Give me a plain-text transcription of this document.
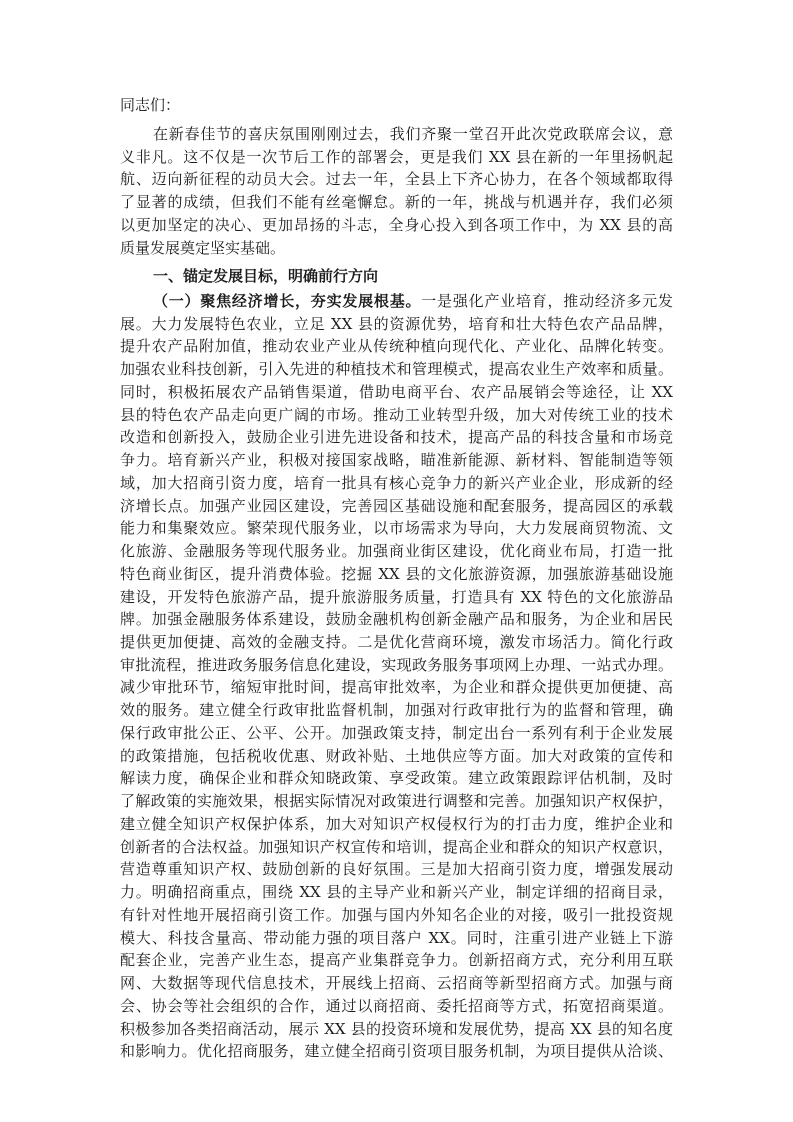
同志们：
在新春佳节的喜庆氛围刚刚过去，我们齐聚一堂召开此次党政联席会议，意
义非凡。这不仅是一次节后工作的部署会，更是我们 XX 县在新的一年里扬帆起
航、迈向新征程的动员大会。过去一年，全县上下齐心协力，在各个领域都取得
了显著的成绩，但我们不能有丝毫懈怠。新的一年，挑战与机遇并存，我们必须
以更加坚定的决心、更加昂扬的斗志，全身心投入到各项工作中，为 XX 县的高
质量发展奠定坚实基础。
一、锚定发展目标，明确前行方向
（一）聚焦经济增长，夯实发展根基。一是强化产业培育，推动经济多元发
展。大力发展特色农业，立足 XX 县的资源优势，培育和壮大特色农产品品牌，
提升农产品附加值，推动农业产业从传统种植向现代化、产业化、品牌化转变。
加强农业科技创新，引入先进的种植技术和管理模式，提高农业生产效率和质量。
同时，积极拓展农产品销售渠道，借助电商平台、农产品展销会等途径，让 XX
县的特色农产品走向更广阔的市场。推动工业转型升级，加大对传统工业的技术
改造和创新投入，鼓励企业引进先进设备和技术，提高产品的科技含量和市场竞
争力。培育新兴产业，积极对接国家战略，瞄准新能源、新材料、智能制造等领
域，加大招商引资力度，培育一批具有核心竞争力的新兴产业企业，形成新的经
济增长点。加强产业园区建设，完善园区基础设施和配套服务，提高园区的承载
能力和集聚效应。繁荣现代服务业，以市场需求为导向，大力发展商贸物流、文
化旅游、金融服务等现代服务业。加强商业街区建设，优化商业布局，打造一批
特色商业街区，提升消费体验。挖掘 XX 县的文化旅游资源，加强旅游基础设施
建设，开发特色旅游产品，提升旅游服务质量，打造具有 XX 特色的文化旅游品
牌。加强金融服务体系建设，鼓励金融机构创新金融产品和服务，为企业和居民
提供更加便捷、高效的金融支持。二是优化营商环境，激发市场活力。简化行政
审批流程，推进政务服务信息化建设，实现政务服务事项网上办理、一站式办理。
减少审批环节，缩短审批时间，提高审批效率，为企业和群众提供更加便捷、高
效的服务。建立健全行政审批监督机制，加强对行政审批行为的监督和管理，确
保行政审批公正、公平、公开。加强政策支持，制定出台一系列有利于企业发展
的政策措施，包括税收优惠、财政补贴、土地供应等方面。加大对政策的宣传和
解读力度，确保企业和群众知晓政策、享受政策。建立政策跟踪评估机制，及时
了解政策的实施效果，根据实际情况对政策进行调整和完善。加强知识产权保护，
建立健全知识产权保护体系，加大对知识产权侵权行为的打击力度，维护企业和
创新者的合法权益。加强知识产权宣传和培训，提高企业和群众的知识产权意识，
营造尊重知识产权、鼓励创新的良好氛围。三是加大招商引资力度，增强发展动
力。明确招商重点，围绕 XX 县的主导产业和新兴产业，制定详细的招商目录，
有针对性地开展招商引资工作。加强与国内外知名企业的对接，吸引一批投资规
模大、科技含量高、带动能力强的项目落户 XX。同时，注重引进产业链上下游
配套企业，完善产业生态，提高产业集群竞争力。创新招商方式，充分利用互联
网、大数据等现代信息技术，开展线上招商、云招商等新型招商方式。加强与商
会、协会等社会组织的合作，通过以商招商、委托招商等方式，拓宽招商渠道。
积极参加各类招商活动，展示 XX 县的投资环境和发展优势，提高 XX 县的知名度
和影响力。优化招商服务，建立健全招商引资项目服务机制，为项目提供从洽谈、
